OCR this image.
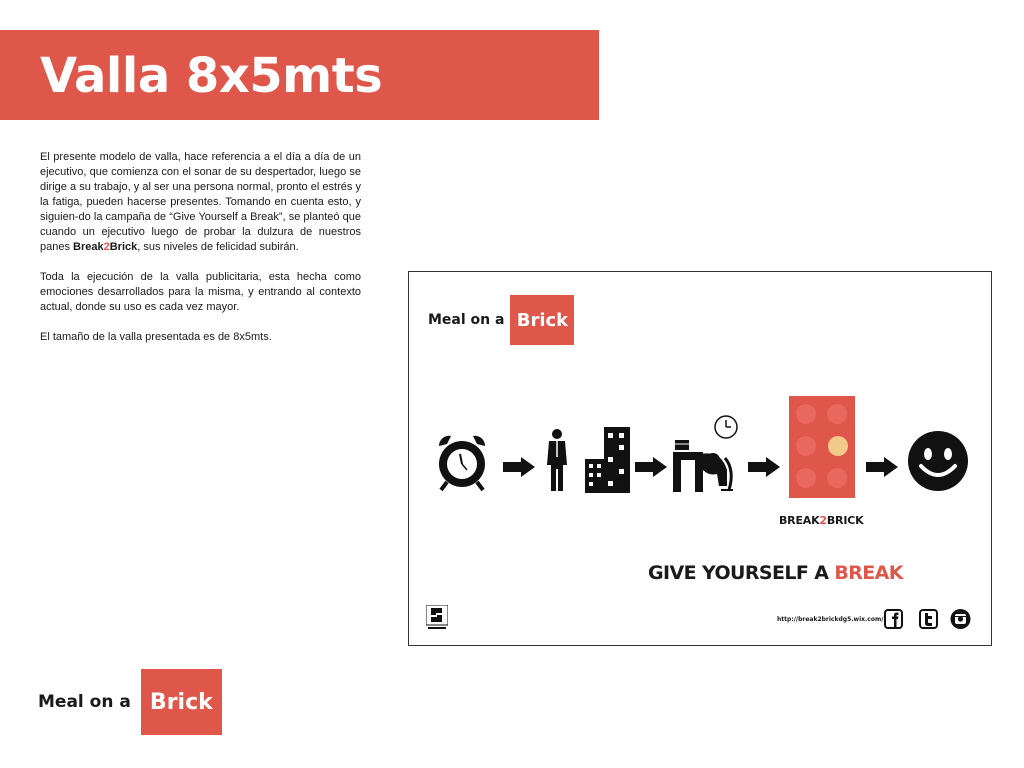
Valla 8x5mts

El presente modelo de valla, hace referencia a el día a día de un ejecutivo, que comienza con el sonar de su despertador, luego se dirige a su trabajo, y al ser una persona normal, pronto el estrés y la fatiga, pueden hacerse presentes. Tomando en cuenta esto, y siguien-do la campaña de “Give Yourself a Break”, se planteó que cuando un ejecutivo luego de probar la dulzura de nuestros panes Break2Brick, sus niveles de felicidad subirán.

Toda la ejecución de la valla publicitaria, esta hecha como emociones desarrollados para la misma, y entrando al contexto actual, donde su uso es cada vez mayor.

El tamaño de la valla presentada es de 8x5mts.

Meal on a Brick
BREAK2BRICK
GIVE YOURSELF A BREAK
http://break2brickdg5.wix.com/
Meal on a Brick
